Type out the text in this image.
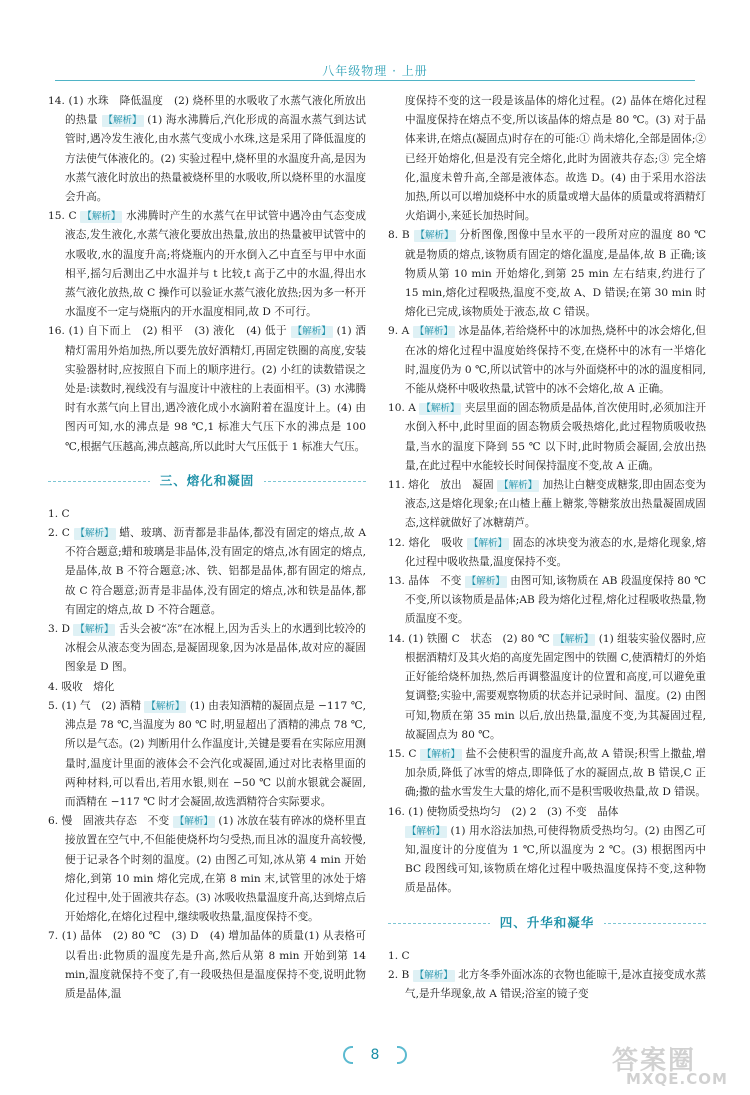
八年级物理 · 上册
14. (1) 水珠　降低温度　(2) 烧杯里的水吸收了水蒸气液化所放出的热量 【解析】 (1) 海水沸腾后,汽化形成的高温水蒸气到达试管时,遇冷发生液化,由水蒸气变成小水珠,这是采用了降低温度的方法使气体液化的。(2) 实验过程中,烧杯里的水温度升高,是因为水蒸气液化时放出的热量被烧杯里的水吸收,所以烧杯里的水温度会升高。
15. C 【解析】 水沸腾时产生的水蒸气在甲试管中遇冷由气态变成液态,发生液化,水蒸气液化要放出热量,放出的热量被甲试管中的水吸收,水的温度升高;将烧瓶内的开水倒入乙中直至与甲中水面相平,摇匀后测出乙中水温并与 t 比较,t 高于乙中的水温,得出水蒸气液化放热,故 C 操作可以验证水蒸气液化放热;因为多一杯开水温度不一定与烧瓶内的开水温度相同,故 D 不可行。
16. (1) 自下而上　(2) 相平　(3) 液化　(4) 低于 【解析】 (1) 酒精灯需用外焰加热,所以要先放好酒精灯,再固定铁圈的高度,安装实验器材时,应按照自下而上的顺序进行。(2) 小红的读数错误之处是:读数时,视线没有与温度计中液柱的上表面相平。(3) 水沸腾时有水蒸气向上冒出,遇冷液化成小水滴附着在温度计上。(4) 由图丙可知,水的沸点是 98 ℃,1 标准大气压下水的沸点是 100 ℃,根据气压越高,沸点越高,所以此时大气压低于 1 标准大气压。
三、熔化和凝固
1. C
2. C 【解析】 蜡、玻璃、沥青都是非晶体,都没有固定的熔点,故 A 不符合题意;蜡和玻璃是非晶体,没有固定的熔点,冰有固定的熔点,是晶体,故 B 不符合题意;冰、铁、铝都是晶体,都有固定的熔点,故 C 符合题意;沥青是非晶体,没有固定的熔点,冰和铁是晶体,都有固定的熔点,故 D 不符合题意。
3. D 【解析】 舌头会被“冻”在冰棍上,因为舌头上的水遇到比较冷的冰棍会从液态变为固态,是凝固现象,因为冰是晶体,故对应的凝固图象是 D 图。
4. 吸收　熔化
5. (1) 气　(2) 酒精 【解析】 (1) 由表知酒精的凝固点是 −117 ℃,沸点是 78 ℃,当温度为 80 ℃ 时,明显超出了酒精的沸点 78 ℃,所以是气态。(2) 判断用什么作温度计,关键是要看在实际应用测量时,温度计里面的液体会不会汽化或凝固,通过对比表格里面的两种材料,可以看出,若用水银,则在 −50 ℃ 以前水银就会凝固,而酒精在 −117 ℃ 时才会凝固,故选酒精符合实际要求。
6. 慢　固液共存态　不变 【解析】 (1) 冰放在装有碎冰的烧杯里直接放置在空气中,不但能使烧杯均匀受热,而且冰的温度升高较慢,便于记录各个时刻的温度。(2) 由图乙可知,冰从第 4 min 开始熔化,到第 10 min 熔化完成,在第 8 min 末,试管里的冰处于熔化过程中,处于固液共存态。(3) 冰吸收热量温度升高,达到熔点后开始熔化,在熔化过程中,继续吸收热量,温度保持不变。
7. (1) 晶体　(2) 80 ℃　(3) D　(4) 增加晶体的质量(1) 从表格可以看出:此物质的温度先是升高,然后从第 8 min 开始到第 14 min,温度就保持不变了,有一段吸热但是温度保持不变,说明此物质是晶体,温
度保持不变的这一段是该晶体的熔化过程。(2) 晶体在熔化过程中温度保持在熔点不变,所以该晶体的熔点是 80 ℃。(3) 对于晶体来讲,在熔点(凝固点)时存在的可能:① 尚未熔化,全部是固体;② 已经开始熔化,但是没有完全熔化,此时为固液共存态;③ 完全熔化,温度未曾升高,全部是液体态。故选 D。(4) 由于采用水浴法加热,所以可以增加烧杯中水的质量或增大晶体的质量或将酒精灯火焰调小,来延长加热时间。
8. B 【解析】 分析图像,图像中呈水平的一段所对应的温度 80 ℃ 就是物质的熔点,该物质有固定的熔化温度,是晶体,故 B 正确;该物质从第 10 min 开始熔化,到第 25 min 左右结束,约进行了 15 min,熔化过程吸热,温度不变,故 A、D 错误;在第 30 min 时熔化已完成,该物质处于液态,故 C 错误。
9. A 【解析】 冰是晶体,若给烧杯中的冰加热,烧杯中的冰会熔化,但在冰的熔化过程中温度始终保持不变,在烧杯中的冰有一半熔化时,温度仍为 0 ℃,所以试管中的冰与外面烧杯中的冰的温度相同,不能从烧杯中吸收热量,试管中的冰不会熔化,故 A 正确。
10. A 【解析】 夹层里面的固态物质是晶体,首次使用时,必须加注开水倒入杯中,此时里面的固态物质会吸热熔化,此过程物质吸收热量,当水的温度下降到 55 ℃ 以下时,此时物质会凝固,会放出热量,在此过程中水能较长时间保持温度不变,故 A 正确。
11. 熔化　放出　凝固 【解析】 加热让白糖变成糖浆,即由固态变为液态,这是熔化现象;在山楂上蘸上糖浆,等糖浆放出热量凝固成固态,这样就做好了冰糖葫芦。
12. 熔化　吸收 【解析】 固态的冰块变为液态的水,是熔化现象,熔化过程中吸收热量,温度保持不变。
13. 晶体　不变 【解析】 由图可知,该物质在 AB 段温度保持 80 ℃ 不变,所以该物质是晶体;AB 段为熔化过程,熔化过程吸收热量,物质温度不变。
14. (1) 铁圈 C　状态　(2) 80 ℃ 【解析】 (1) 组装实验仪器时,应根据酒精灯及其火焰的高度先固定图中的铁圈 C,使酒精灯的外焰正好能给烧杯加热,然后再调整温度计的位置和高度,可以避免重复调整;实验中,需要观察物质的状态并记录时间、温度。(2) 由图可知,物质在第 35 min 以后,放出热量,温度不变,为其凝固过程,故凝固点为 80 ℃。
15. C 【解析】 盐不会使积雪的温度升高,故 A 错误;积雪上撒盐,增加杂质,降低了冰雪的熔点,即降低了水的凝固点,故 B 错误,C 正确;撒的盐水雪发生大量的熔化,而不是积雪吸收热量,故 D 错误。
16. (1) 使物质受热均匀　(2) 2　(3) 不变　晶体
【解析】 (1) 用水浴法加热,可使得物质受热均匀。(2) 由图乙可知,温度计的分度值为 1 ℃,所以温度为 2 ℃。(3) 根据图丙中 BC 段图线可知,该物质在熔化过程中吸热温度保持不变,这种物质是晶体。
四、升华和凝华
1. C
2. B 【解析】 北方冬季外面冰冻的衣物也能晾干,是冰直接变成水蒸气,是升华现象,故 A 错误;浴室的镜子变
8	答案圈
MXQE.COM
